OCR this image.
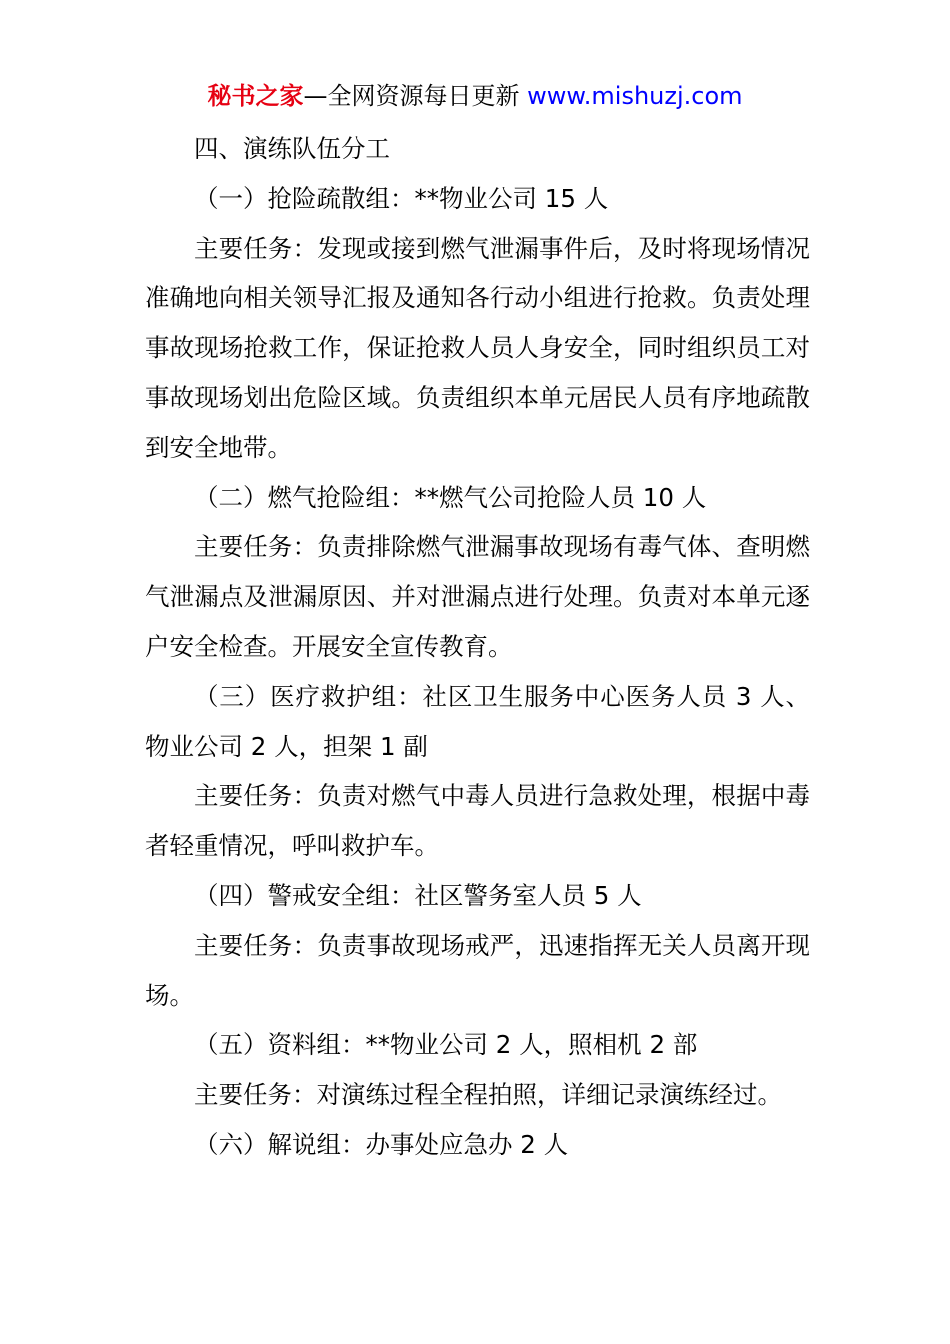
秘书之家—全网资源每日更新 www.mishuzj.com

四、演练队伍分工

（一）抢险疏散组：**物业公司 15 人

主要任务：发现或接到燃气泄漏事件后，及时将现场情况准确地向相关领导汇报及通知各行动小组进行抢救。负责处理事故现场抢救工作，保证抢救人员人身安全，同时组织员工对事故现场划出危险区域。负责组织本单元居民人员有序地疏散到安全地带。

（二）燃气抢险组：**燃气公司抢险人员 10 人

主要任务：负责排除燃气泄漏事故现场有毒气体、查明燃气泄漏点及泄漏原因、并对泄漏点进行处理。负责对本单元逐户安全检查。开展安全宣传教育。

（三）医疗救护组：社区卫生服务中心医务人员 3 人、物业公司 2 人，担架 1 副

主要任务：负责对燃气中毒人员进行急救处理，根据中毒者轻重情况，呼叫救护车。

（四）警戒安全组：社区警务室人员 5 人

主要任务：负责事故现场戒严，迅速指挥无关人员离开现场。

（五）资料组：**物业公司 2 人，照相机 2 部

主要任务：对演练过程全程拍照，详细记录演练经过。

（六）解说组：办事处应急办 2 人
